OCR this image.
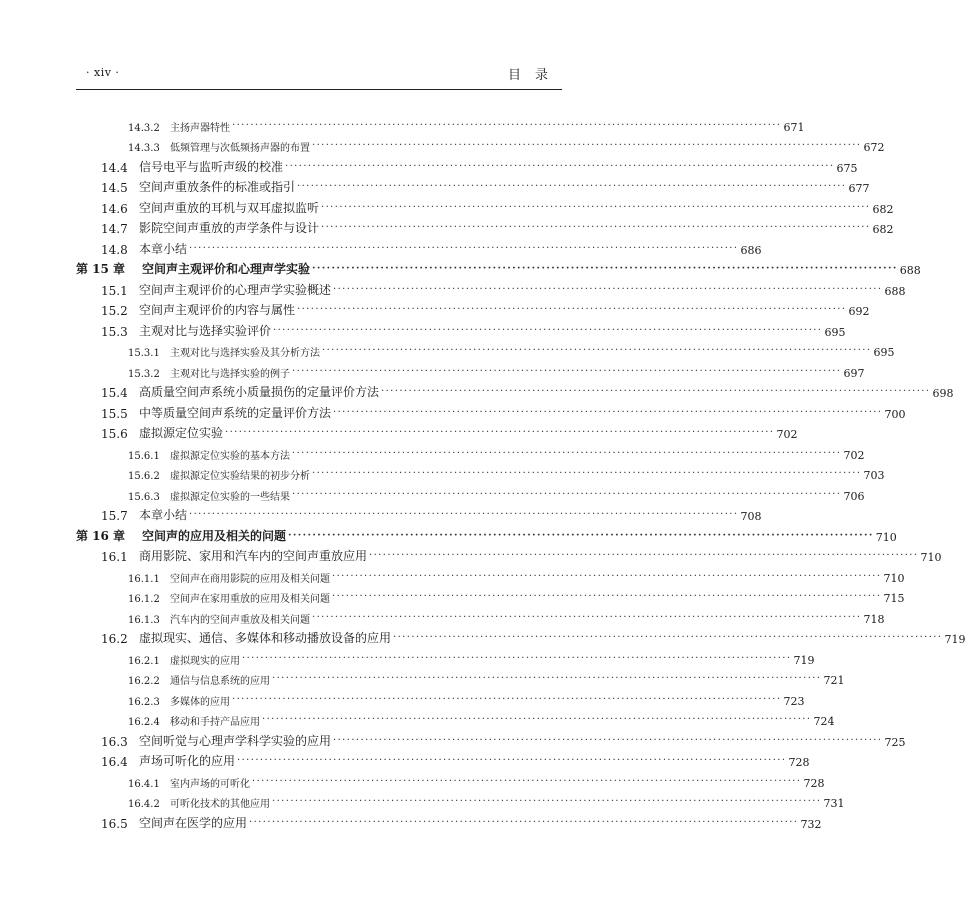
· xiv ·	目录
14.3.2	主扬声器特性 ························································································································ 671
14.3.3	低频管理与次低频扬声器的布置 ························································································································ 672
14.4 信号电平与监听声级的校准 ························································································································ 675
14.5 空间声重放条件的标准或指引 ························································································································ 677
14.6 空间声重放的耳机与双耳虚拟监听 ························································································································ 682
14.7 影院空间声重放的声学条件与设计 ························································································································ 682
14.8 本章小结 ························································································································ 686
第 15 章	空间声主观评价和心理声学实验 ························································································································ 688
15.1 空间声主观评价的心理声学实验概述 ························································································································ 688
15.2 空间声主观评价的内容与属性 ························································································································ 692
15.3 主观对比与选择实验评价 ························································································································ 695
15.3.1	主观对比与选择实验及其分析方法 ························································································································ 695
15.3.2	主观对比与选择实验的例子 ························································································································ 697
15.4 高质量空间声系统小质量损伤的定量评价方法 ························································································································ 698
15.5 中等质量空间声系统的定量评价方法 ························································································································ 700
15.6 虚拟源定位实验 ························································································································ 702
15.6.1	虚拟源定位实验的基本方法 ························································································································ 702
15.6.2	虚拟源定位实验结果的初步分析 ························································································································ 703
15.6.3	虚拟源定位实验的一些结果 ························································································································ 706
15.7 本章小结 ························································································································ 708
第 16 章	空间声的应用及相关的问题 ························································································································ 710
16.1 商用影院、家用和汽车内的空间声重放应用 ························································································································ 710
16.1.1	空间声在商用影院的应用及相关问题 ························································································································ 710
16.1.2	空间声在家用重放的应用及相关问题 ························································································································ 715
16.1.3	汽车内的空间声重放及相关问题 ························································································································ 718
16.2 虚拟现实、通信、多媒体和移动播放设备的应用 ························································································································ 719
16.2.1	虚拟现实的应用 ························································································································ 719
16.2.2	通信与信息系统的应用 ························································································································ 721
16.2.3	多媒体的应用 ························································································································ 723
16.2.4	移动和手持产品应用 ························································································································ 724
16.3 空间听觉与心理声学科学实验的应用 ························································································································ 725
16.4 声场可听化的应用 ························································································································ 728
16.4.1	室内声场的可听化 ························································································································ 728
16.4.2	可听化技术的其他应用 ························································································································ 731
16.5 空间声在医学的应用 ························································································································ 732
